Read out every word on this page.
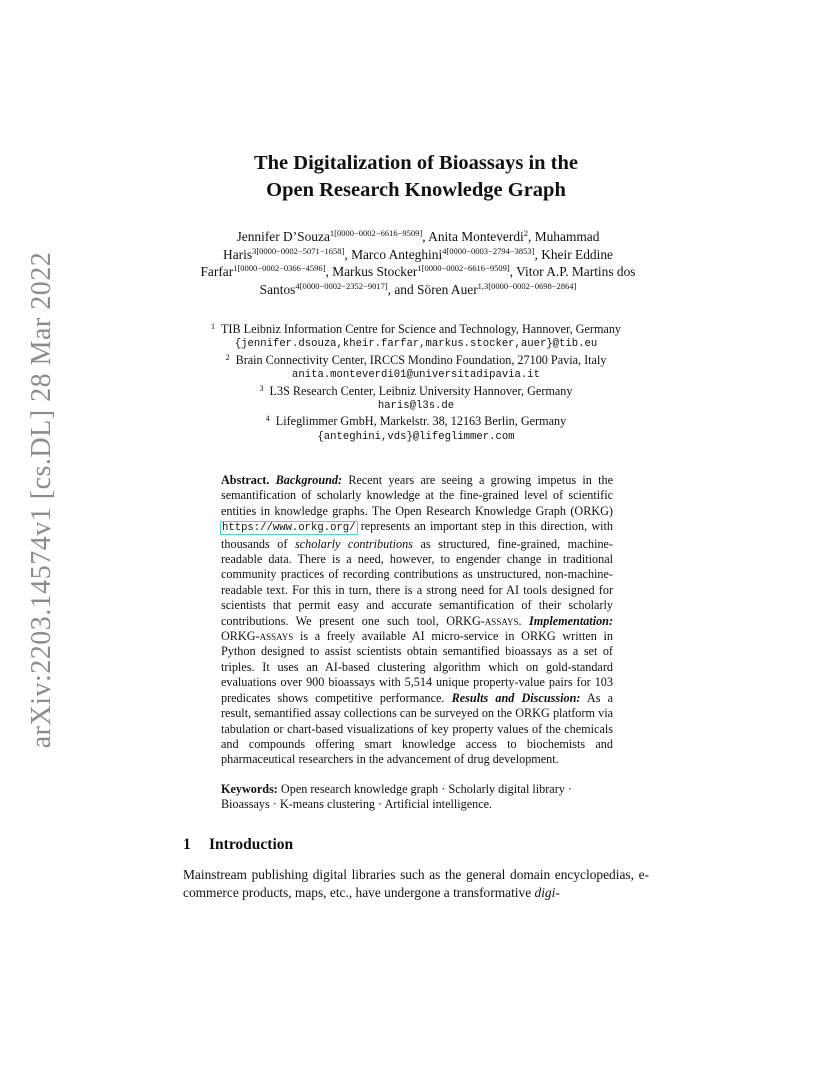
arXiv:2203.14574v1 [cs.DL] 28 Mar 2022
The Digitalization of Bioassays in the
Open Research Knowledge Graph
Jennifer D’Souza$^{1[0000-0002-6616-9509]}$, Anita Monteverdi$^2$, Muhammad Haris$^{3[0000-0002-5071-1658]}$, Marco Anteghini$^{4[0000-0003-2794-3853]}$, Kheir Eddine Farfar$^{1[0000-0002-0366-4596]}$, Markus Stocker$^{1[0000-0002-6616-9509]}$, Vitor A.P. Martins dos Santos$^{4[0000-0002-2352-9017]}$, and Sören Auer$^{1,3[0000-0002-0698-2864]}$
$^1$ TIB Leibniz Information Centre for Science and Technology, Hannover, Germany
{jennifer.dsouza,kheir.farfar,markus.stocker,auer}@tib.eu
$^2$ Brain Connectivity Center, IRCCS Mondino Foundation, 27100 Pavia, Italy
anita.monteverdi01@universitadipavia.it
$^3$ L3S Research Center, Leibniz University Hannover, Germany
haris@l3s.de
$^4$ Lifeglimmer GmbH, Markelstr. 38, 12163 Berlin, Germany
{anteghini,vds}@lifeglimmer.com
Abstract. Background: Recent years are seeing a growing impetus in the semantification of scholarly knowledge at the fine-grained level of scientific entities in knowledge graphs. The Open Research Knowledge Graph (ORKG) https://www.orkg.org/ represents an important step in this direction, with thousands of scholarly contributions as structured, fine-grained, machine-readable data. There is a need, however, to engender change in traditional community practices of recording contributions as unstructured, non-machine-readable text. For this in turn, there is a strong need for AI tools designed for scientists that permit easy and accurate semantification of their scholarly contributions. We present one such tool, ORKG-assays. Implementation: ORKG-assays is a freely available AI micro-service in ORKG written in Python designed to assist scientists obtain semantified bioassays as a set of triples. It uses an AI-based clustering algorithm which on gold-standard evaluations over 900 bioassays with 5,514 unique property-value pairs for 103 predicates shows competitive performance. Results and Discussion: As a result, semantified assay collections can be surveyed on the ORKG platform via tabulation or chart-based visualizations of key property values of the chemicals and compounds offering smart knowledge access to biochemists and pharmaceutical researchers in the advancement of drug development.
Keywords: Open research knowledge graph · Scholarly digital library · Bioassays · K-means clustering · Artificial intelligence.
1 Introduction
Mainstream publishing digital libraries such as the general domain encyclopedias, e-commerce products, maps, etc., have undergone a transformative digi-
